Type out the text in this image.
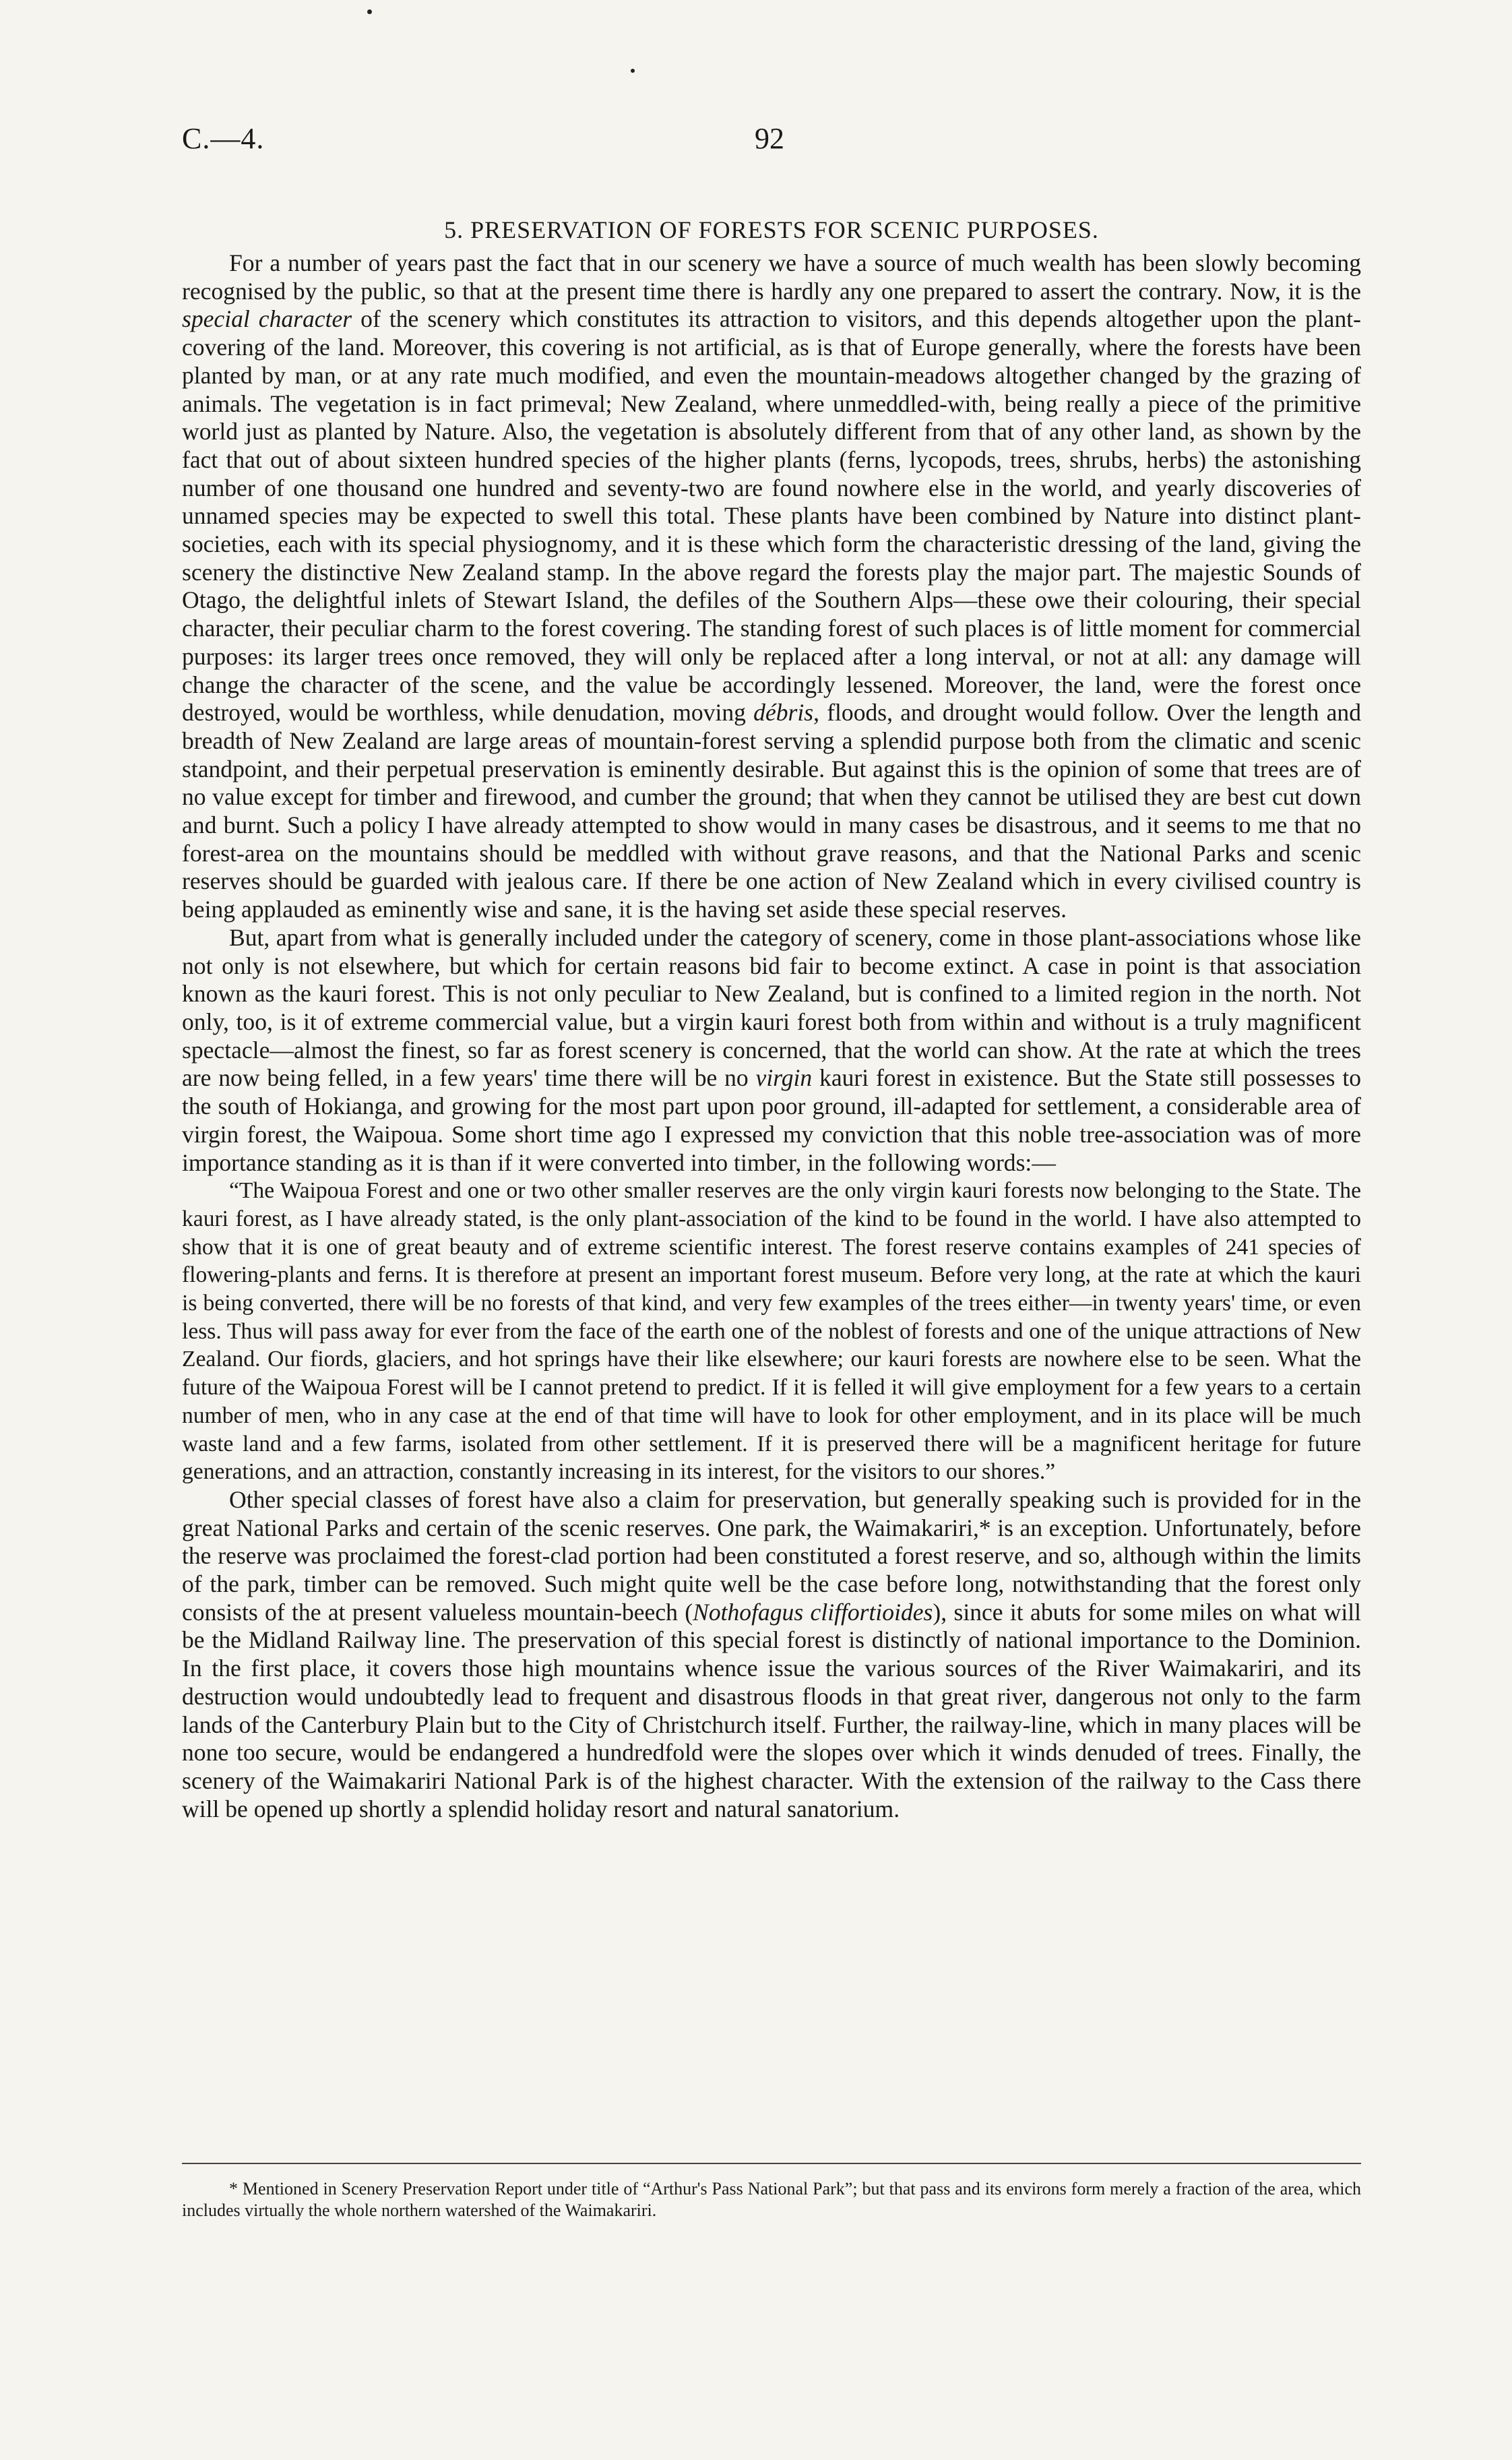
C.—4.	92
5. PRESERVATION OF FORESTS FOR SCENIC PURPOSES.

For a number of years past the fact that in our scenery we have a source of much wealth has been slowly becoming recognised by the public, so that at the present time there is hardly any one prepared to assert the contrary. Now, it is the special character of the scenery which constitutes its attraction to visitors, and this depends altogether upon the plant-covering of the land. Moreover, this covering is not artificial, as is that of Europe generally, where the forests have been planted by man, or at any rate much modified, and even the mountain-meadows altogether changed by the grazing of animals. The vegetation is in fact primeval; New Zealand, where unmeddled-with, being really a piece of the primitive world just as planted by Nature. Also, the vegetation is absolutely different from that of any other land, as shown by the fact that out of about sixteen hundred species of the higher plants (ferns, lycopods, trees, shrubs, herbs) the astonishing number of one thousand one hundred and seventy-two are found nowhere else in the world, and yearly discoveries of unnamed species may be expected to swell this total. These plants have been combined by Nature into distinct plant-societies, each with its special physiognomy, and it is these which form the characteristic dressing of the land, giving the scenery the distinctive New Zealand stamp. In the above regard the forests play the major part. The majestic Sounds of Otago, the delightful inlets of Stewart Island, the defiles of the Southern Alps—these owe their colouring, their special character, their peculiar charm to the forest covering. The standing forest of such places is of little moment for commercial purposes: its larger trees once removed, they will only be replaced after a long interval, or not at all: any damage will change the character of the scene, and the value be accordingly lessened. Moreover, the land, were the forest once destroyed, would be worthless, while denudation, moving débris, floods, and drought would follow. Over the length and breadth of New Zealand are large areas of mountain-forest serving a splendid purpose both from the climatic and scenic standpoint, and their perpetual preservation is eminently desirable. But against this is the opinion of some that trees are of no value except for timber and firewood, and cumber the ground; that when they cannot be utilised they are best cut down and burnt. Such a policy I have already attempted to show would in many cases be disastrous, and it seems to me that no forest-area on the mountains should be meddled with without grave reasons, and that the National Parks and scenic reserves should be guarded with jealous care. If there be one action of New Zealand which in every civilised country is being applauded as eminently wise and sane, it is the having set aside these special reserves.

But, apart from what is generally included under the category of scenery, come in those plant-associations whose like not only is not elsewhere, but which for certain reasons bid fair to become extinct. A case in point is that association known as the kauri forest. This is not only peculiar to New Zealand, but is confined to a limited region in the north. Not only, too, is it of extreme commercial value, but a virgin kauri forest both from within and without is a truly magnificent spectacle—almost the finest, so far as forest scenery is concerned, that the world can show. At the rate at which the trees are now being felled, in a few years' time there will be no virgin kauri forest in existence. But the State still possesses to the south of Hokianga, and growing for the most part upon poor ground, ill-adapted for settlement, a considerable area of virgin forest, the Waipoua. Some short time ago I expressed my conviction that this noble tree-association was of more importance standing as it is than if it were converted into timber, in the following words:—

“The Waipoua Forest and one or two other smaller reserves are the only virgin kauri forests now belonging to the State. The kauri forest, as I have already stated, is the only plant-association of the kind to be found in the world. I have also attempted to show that it is one of great beauty and of extreme scientific interest. The forest reserve contains examples of 241 species of flowering-plants and ferns. It is therefore at present an important forest museum. Before very long, at the rate at which the kauri is being converted, there will be no forests of that kind, and very few examples of the trees either—in twenty years' time, or even less. Thus will pass away for ever from the face of the earth one of the noblest of forests and one of the unique attractions of New Zealand. Our fiords, glaciers, and hot springs have their like elsewhere; our kauri forests are nowhere else to be seen. What the future of the Waipoua Forest will be I cannot pretend to predict. If it is felled it will give employment for a few years to a certain number of men, who in any case at the end of that time will have to look for other employment, and in its place will be much waste land and a few farms, isolated from other settlement. If it is preserved there will be a magnificent heritage for future generations, and an attraction, constantly increasing in its interest, for the visitors to our shores.”

Other special classes of forest have also a claim for preservation, but generally speaking such is provided for in the great National Parks and certain of the scenic reserves. One park, the Waimakariri,* is an exception. Unfortunately, before the reserve was proclaimed the forest-clad portion had been constituted a forest reserve, and so, although within the limits of the park, timber can be removed. Such might quite well be the case before long, notwithstanding that the forest only consists of the at present valueless mountain-beech (Nothofagus cliffortioides), since it abuts for some miles on what will be the Midland Railway line. The preservation of this special forest is distinctly of national importance to the Dominion. In the first place, it covers those high mountains whence issue the various sources of the River Waimakariri, and its destruction would undoubtedly lead to frequent and disastrous floods in that great river, dangerous not only to the farm lands of the Canterbury Plain but to the City of Christchurch itself. Further, the railway-line, which in many places will be none too secure, would be endangered a hundredfold were the slopes over which it winds denuded of trees. Finally, the scenery of the Waimakariri National Park is of the highest character. With the extension of the railway to the Cass there will be opened up shortly a splendid holiday resort and natural sanatorium.

* Mentioned in Scenery Preservation Report under title of “Arthur's Pass National Park”; but that pass and its environs form merely a fraction of the area, which includes virtually the whole northern watershed of the Waimakariri.
